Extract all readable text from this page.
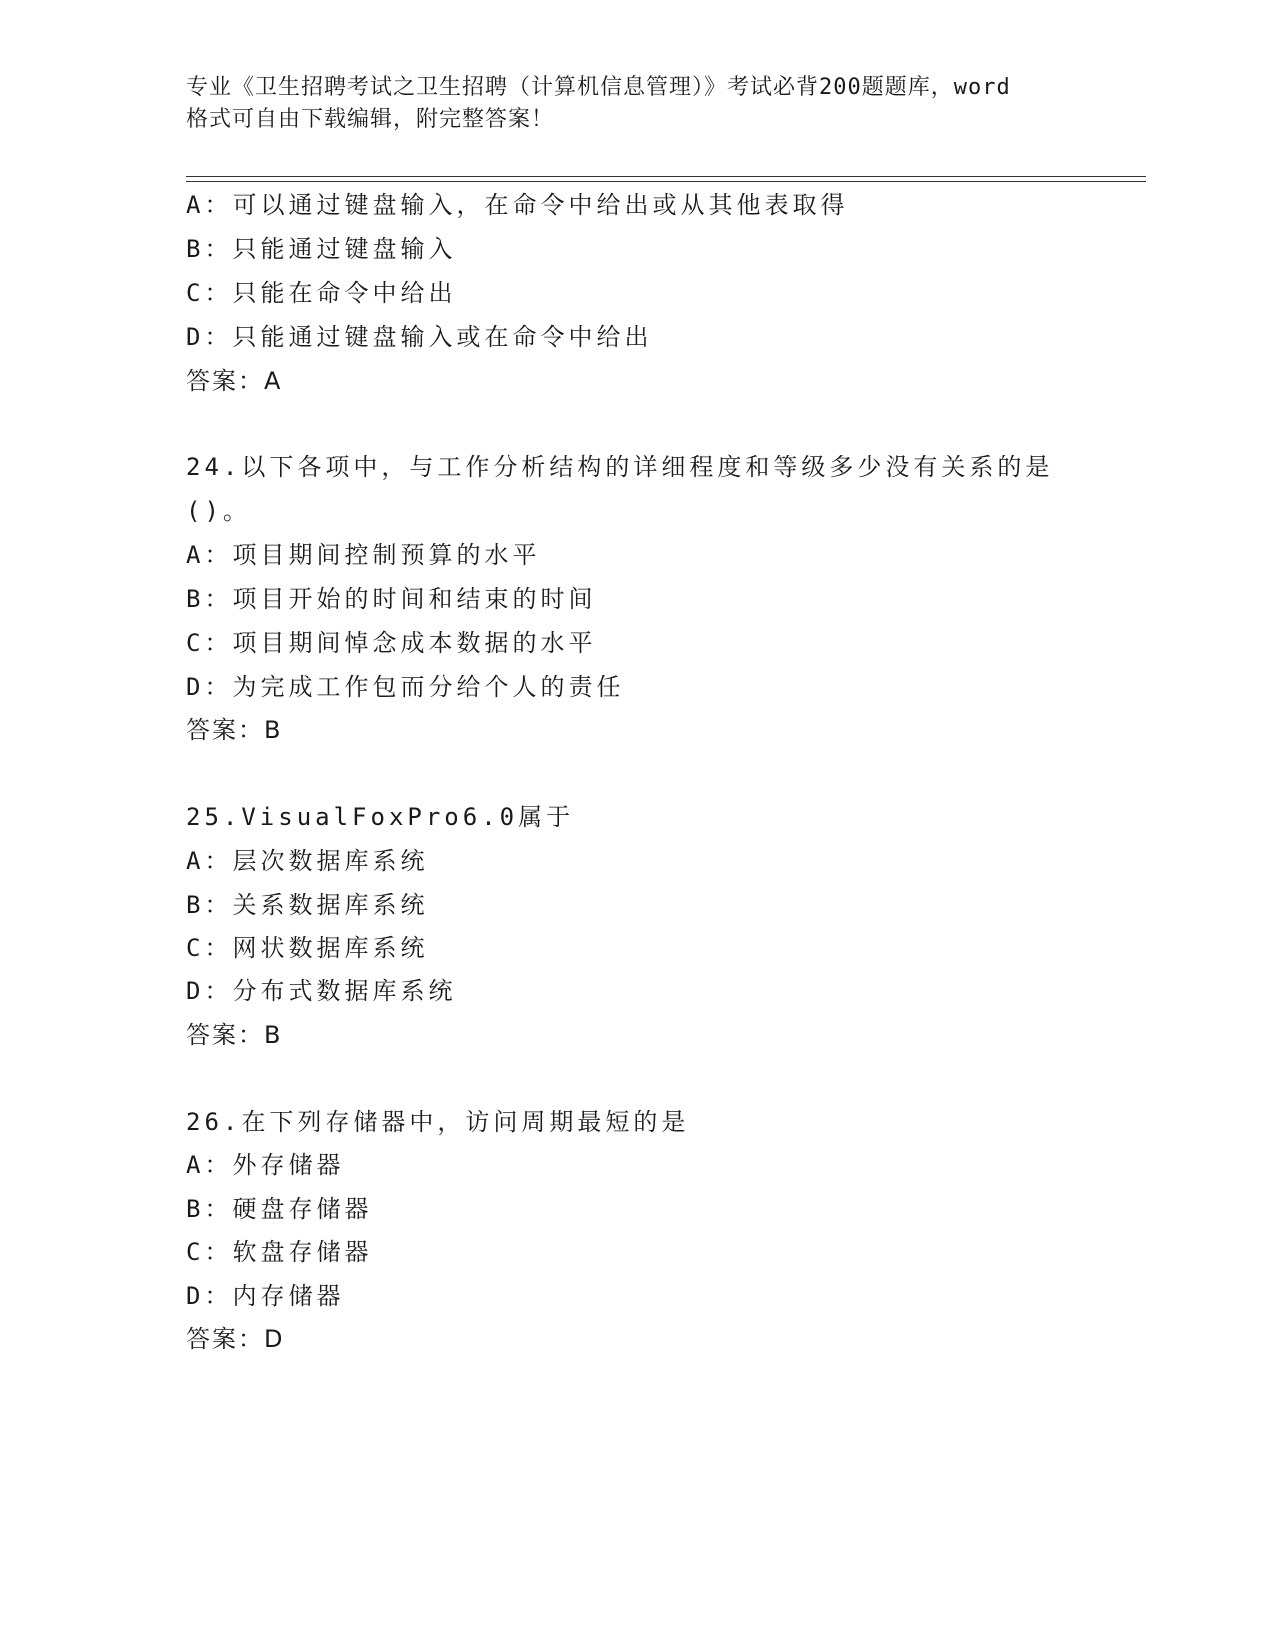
专业《卫生招聘考试之卫生招聘（计算机信息管理）》考试必背200题题库，word
格式可自由下载编辑，附完整答案！
A：可以通过键盘输入，在命令中给出或从其他表取得
B：只能通过键盘输入
C：只能在命令中给出
D：只能通过键盘输入或在命令中给出
答案：A
24.以下各项中，与工作分析结构的详细程度和等级多少没有关系的是
()。
A：项目期间控制预算的水平
B：项目开始的时间和结束的时间
C：项目期间悼念成本数据的水平
D：为完成工作包而分给个人的责任
答案：B
25.VisualFoxPro6.0属于
A：层次数据库系统
B：关系数据库系统
C：网状数据库系统
D：分布式数据库系统
答案：B
26.在下列存储器中，访问周期最短的是
A：外存储器
B：硬盘存储器
C：软盘存储器
D：内存储器
答案：D
